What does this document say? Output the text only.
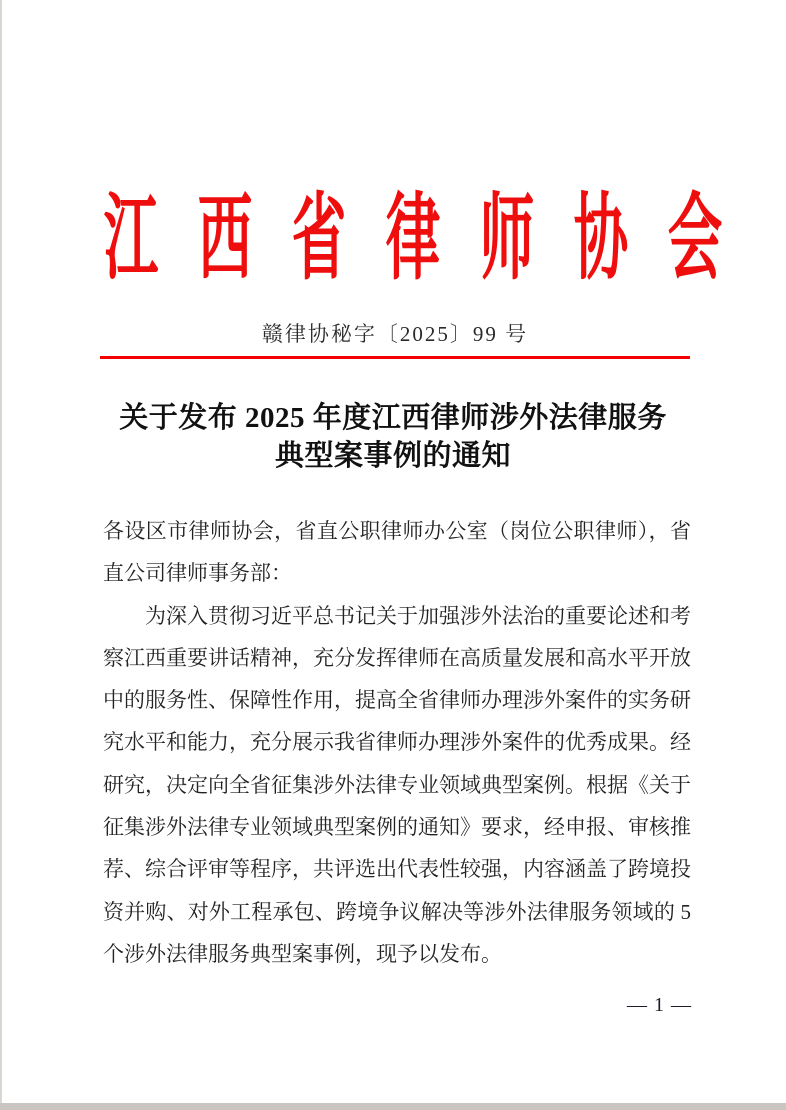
江 西 省 律 师 协 会
赣律协秘字〔2025〕99 号
关于发布 2025 年度江西律师涉外法律服务
典型案事例的通知

各设区市律师协会，省直公职律师办公室（岗位公职律师），省直公司律师事务部：

为深入贯彻习近平总书记关于加强涉外法治的重要论述和考察江西重要讲话精神，充分发挥律师在高质量发展和高水平开放中的服务性、保障性作用，提高全省律师办理涉外案件的实务研究水平和能力，充分展示我省律师办理涉外案件的优秀成果。经研究，决定向全省征集涉外法律专业领域典型案例。根据《关于征集涉外法律专业领域典型案例的通知》要求，经申报、审核推荐、综合评审等程序，共评选出代表性较强，内容涵盖了跨境投资并购、对外工程承包、跨境争议解决等涉外法律服务领域的 5 个涉外法律服务典型案事例，现予以发布。

— 1 —
